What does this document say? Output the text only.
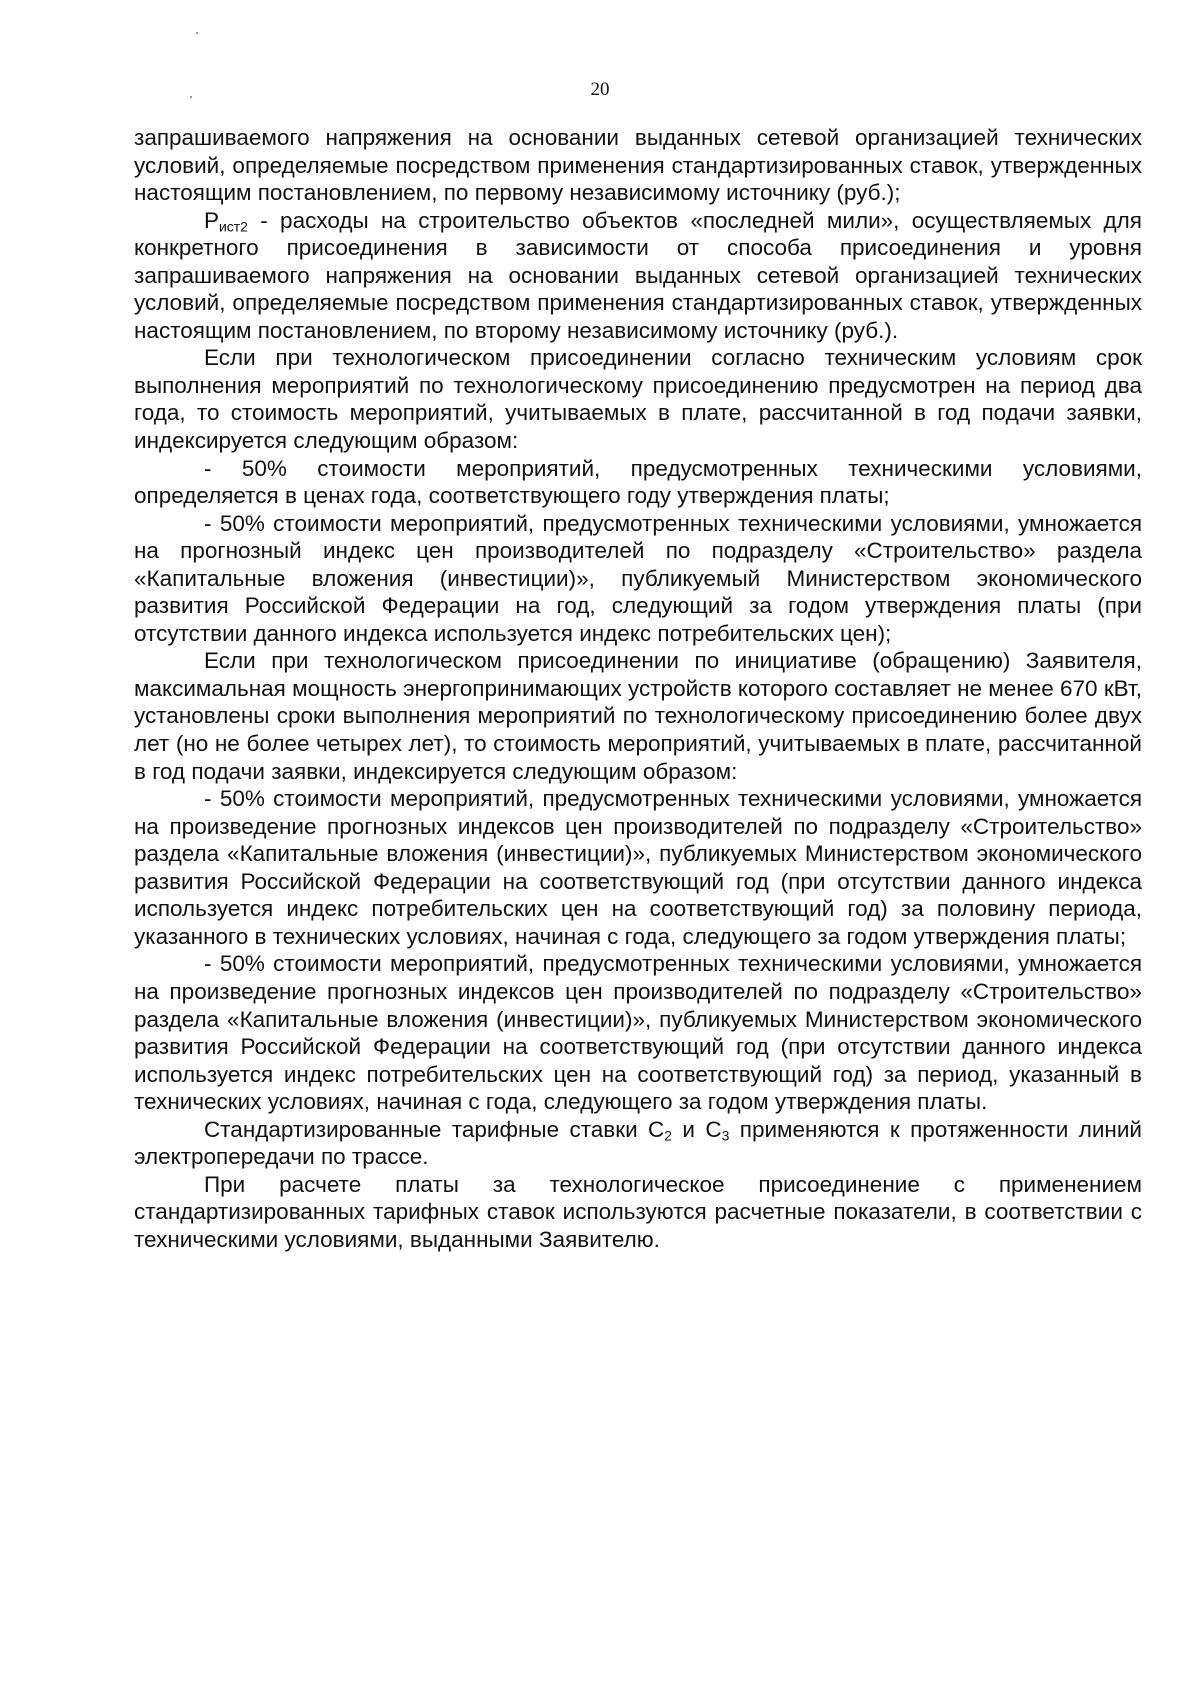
20

запрашиваемого напряжения на основании выданных сетевой организацией технических условий, определяемые посредством применения стандартизированных ставок, утвержденных настоящим постановлением, по первому независимому источнику (руб.);

$P_{ист2}$ - расходы на строительство объектов «последней мили», осуществляемых для конкретного присоединения в зависимости от способа присоединения и уровня запрашиваемого напряжения на основании выданных сетевой организацией технических условий, определяемые посредством применения стандартизированных ставок, утвержденных настоящим постановлением, по второму независимому источнику (руб.).

Если при технологическом присоединении согласно техническим условиям срок выполнения мероприятий по технологическому присоединению предусмотрен на период два года, то стоимость мероприятий, учитываемых в плате, рассчитанной в год подачи заявки, индексируется следующим образом:

- 50% стоимости мероприятий, предусмотренных техническими условиями, определяется в ценах года, соответствующего году утверждения платы;

- 50% стоимости мероприятий, предусмотренных техническими условиями, умножается на прогнозный индекс цен производителей по подразделу «Строительство» раздела «Капитальные вложения (инвестиции)», публикуемый Министерством экономического развития Российской Федерации на год, следующий за годом утверждения платы (при отсутствии данного индекса используется индекс потребительских цен);

Если при технологическом присоединении по инициативе (обращению) Заявителя, максимальная мощность энергопринимающих устройств которого составляет не менее 670 кВт, установлены сроки выполнения мероприятий по технологическому присоединению более двух лет (но не более четырех лет), то стоимость мероприятий, учитываемых в плате, рассчитанной в год подачи заявки, индексируется следующим образом:

- 50% стоимости мероприятий, предусмотренных техническими условиями, умножается на произведение прогнозных индексов цен производителей по подразделу «Строительство» раздела «Капитальные вложения (инвестиции)», публикуемых Министерством экономического развития Российской Федерации на соответствующий год (при отсутствии данного индекса используется индекс потребительских цен на соответствующий год) за половину периода, указанного в технических условиях, начиная с года, следующего за годом утверждения платы;

- 50% стоимости мероприятий, предусмотренных техническими условиями, умножается на произведение прогнозных индексов цен производителей по подразделу «Строительство» раздела «Капитальные вложения (инвестиции)», публикуемых Министерством экономического развития Российской Федерации на соответствующий год (при отсутствии данного индекса используется индекс потребительских цен на соответствующий год) за период, указанный в технических условиях, начиная с года, следующего за годом утверждения платы.

Стандартизированные тарифные ставки $C_2$ и $C_3$ применяются к протяженности линий электропередачи по трассе.

При расчете платы за технологическое присоединение с применением стандартизированных тарифных ставок используются расчетные показатели, в соответствии с техническими условиями, выданными Заявителю.
